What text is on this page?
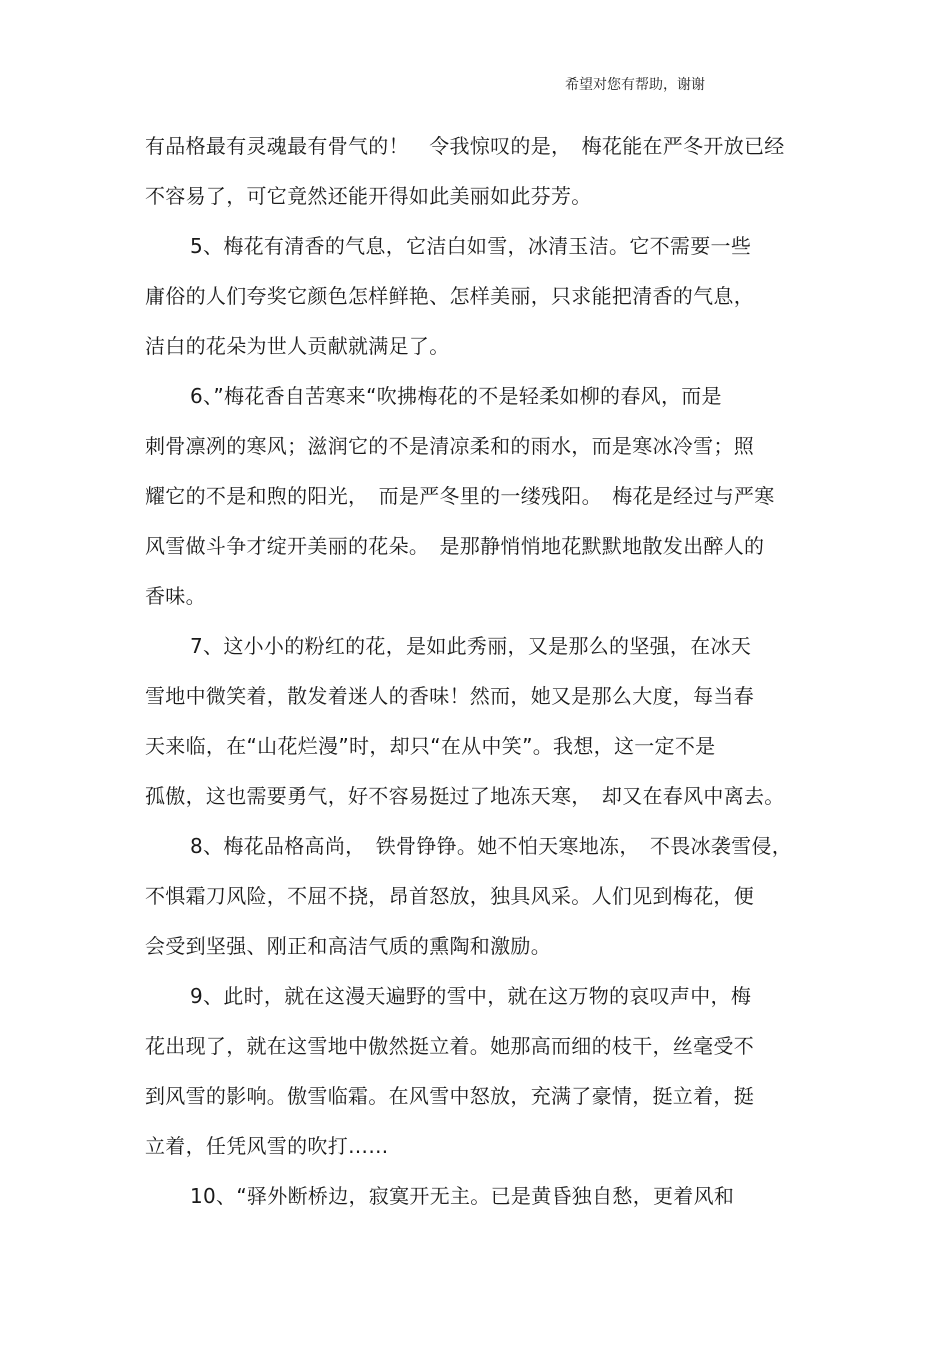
希望对您有帮助，谢谢
有品格最有灵魂最有骨气的！　令我惊叹的是，　梅花能在严冬开放已经
不容易了，可它竟然还能开得如此美丽如此芬芳。
5、梅花有清香的气息，它洁白如雪，冰清玉洁。它不需要一些
庸俗的人们夸奖它颜色怎样鲜艳、怎样美丽，只求能把清香的气息，
洁白的花朵为世人贡献就满足了。
6、”梅花香自苦寒来“吹拂梅花的不是轻柔如柳的春风，而是
刺骨凛冽的寒风；滋润它的不是清凉柔和的雨水，而是寒冰冷雪；照
耀它的不是和煦的阳光，　而是严冬里的一缕残阳。　梅花是经过与严寒
风雪做斗争才绽开美丽的花朵。　是那静悄悄地花默默地散发出醉人的
香味。
7、这小小的粉红的花，是如此秀丽，又是那么的坚强，在冰天
雪地中微笑着，散发着迷人的香味！然而，她又是那么大度，每当春
天来临，在“山花烂漫”时，却只“在从中笑”。我想，这一定不是
孤傲，这也需要勇气，好不容易挺过了地冻天寒，　却又在春风中离去。
8、梅花品格高尚，　铁骨铮铮。她不怕天寒地冻，　不畏冰袭雪侵，
不惧霜刀风险，不屈不挠，昂首怒放，独具风采。人们见到梅花，便
会受到坚强、刚正和高洁气质的熏陶和激励。
9、此时，就在这漫天遍野的雪中，就在这万物的哀叹声中，梅
花出现了，就在这雪地中傲然挺立着。她那高而细的枝干，丝毫受不
到风雪的影响。傲雪临霜。在风雪中怒放，充满了豪情，挺立着，挺
立着，任凭风雪的吹打……
10、“驿外断桥边，寂寞开无主。已是黄昏独自愁，更着风和
